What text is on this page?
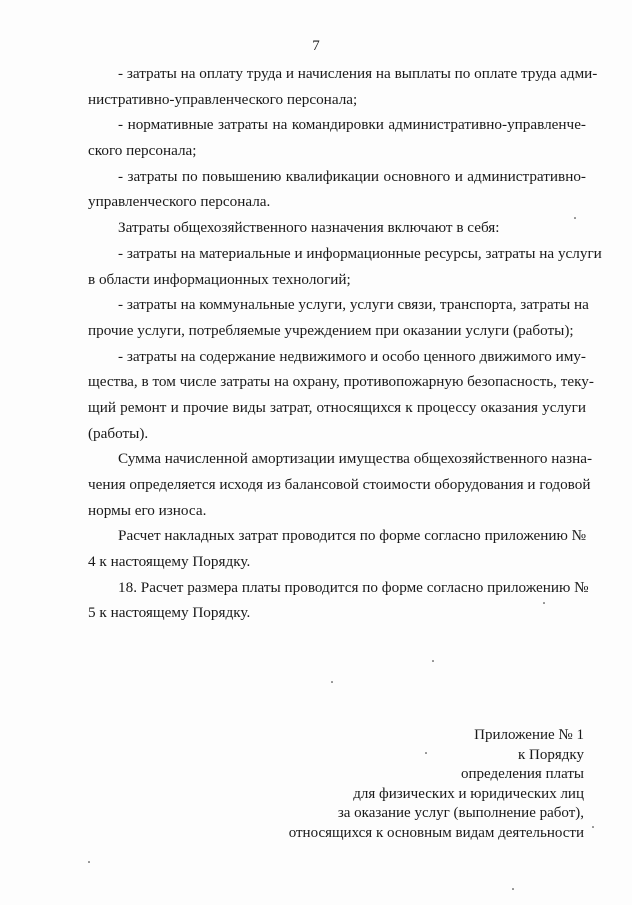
7
- затраты на оплату труда и начисления на выплаты по оплате труда адми-
нистративно-управленческого персонала;
- нормативные затраты на командировки административно-управленче-
ского персонала;
- затраты по повышению квалификации основного и административно-
управленческого персонала.
Затраты общехозяйственного назначения включают в себя:
- затраты на материальные и информационные ресурсы, затраты на услуги
в области информационных технологий;
- затраты на коммунальные услуги, услуги связи, транспорта, затраты на
прочие услуги, потребляемые учреждением при оказании услуги (работы);
- затраты на содержание недвижимого и особо ценного движимого иму-
щества, в том числе затраты на охрану, противопожарную безопасность, теку-
щий ремонт и прочие виды затрат, относящихся к процессу оказания услуги
(работы).
Сумма начисленной амортизации имущества общехозяйственного назна-
чения определяется исходя из балансовой стоимости оборудования и годовой
нормы его износа.
Расчет накладных затрат проводится по форме согласно приложению №
4 к настоящему Порядку.
18. Расчет размера платы проводится по форме согласно приложению №
5 к настоящему Порядку.
Приложение № 1
к Порядку
определения платы
для физических и юридических лиц
за оказание услуг (выполнение работ),
относящихся к основным видам деятельности
